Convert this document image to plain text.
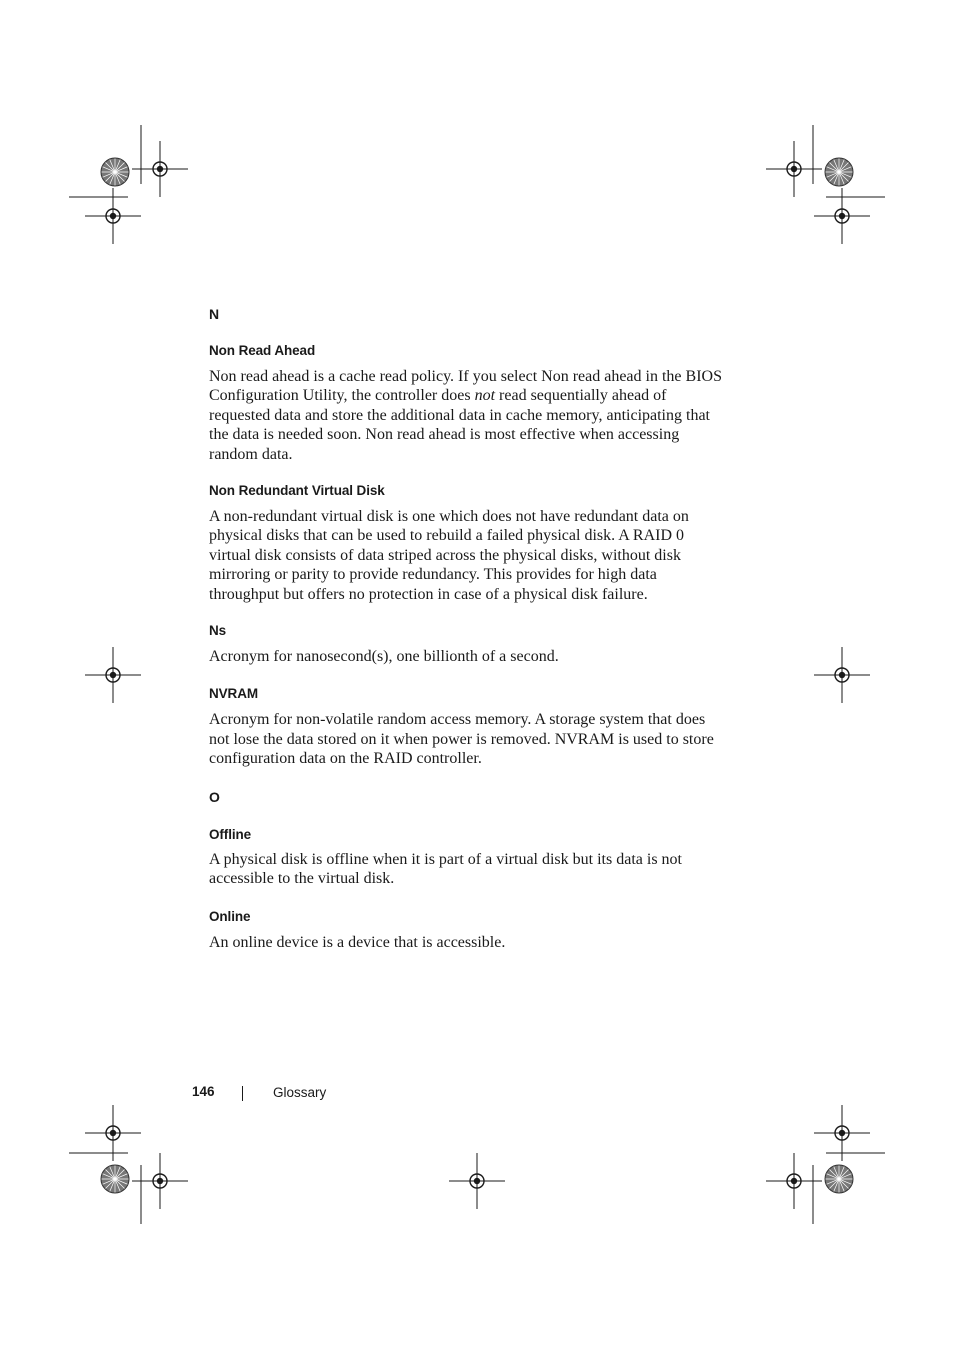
N

Non Read Ahead

Non read ahead is a cache read policy. If you select Non read ahead in the BIOS Configuration Utility, the controller does not read sequentially ahead of requested data and store the additional data in cache memory, anticipating that the data is needed soon. Non read ahead is most effective when accessing random data.

Non Redundant Virtual Disk

A non-redundant virtual disk is one which does not have redundant data on physical disks that can be used to rebuild a failed physical disk. A RAID 0 virtual disk consists of data striped across the physical disks, without disk mirroring or parity to provide redundancy. This provides for high data throughput but offers no protection in case of a physical disk failure.

Ns

Acronym for nanosecond(s), one billionth of a second.

NVRAM

Acronym for non-volatile random access memory. A storage system that does not lose the data stored on it when power is removed. NVRAM is used to store configuration data on the RAID controller.

O

Offline

A physical disk is offline when it is part of a virtual disk but its data is not accessible to the virtual disk.

Online

An online device is a device that is accessible.

146	Glossary
